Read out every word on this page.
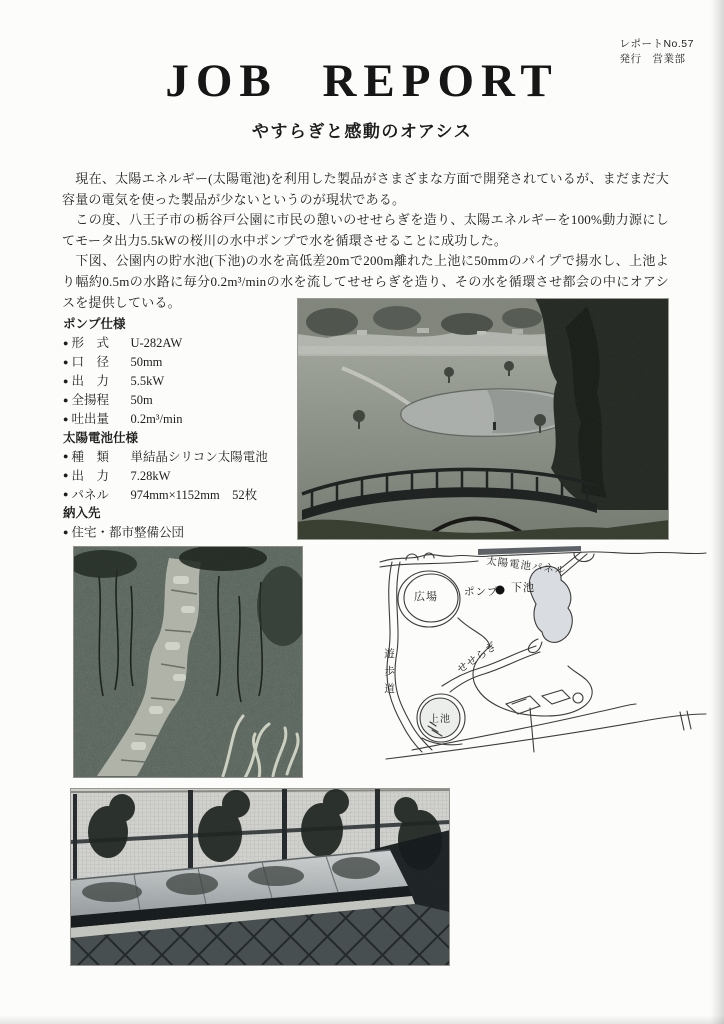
レポートNo.57
発行　営業部
JOB REPORT
やすらぎと感動のオアシス

　現在、太陽エネルギー(太陽電池)を利用した製品がさまざまな方面で開発されているが、まだまだ大容量の電気を使った製品が少ないというのが現状である。

　この度、八王子市の栃谷戸公園に市民の憩いのせせらぎを造り、太陽エネルギーを100%動力源にしてモータ出力5.5kWの桜川の水中ポンプで水を循環させることに成功した。

　下図、公園内の貯水池(下池)の水を高低差20mで200m離れた上池に50mmのパイプで揚水し、上池より幅約0.5mの水路に毎分0.2m³/minの水を流してせせらぎを造り、その水を循環させ都会の中にオアシスを提供している。

ポンプ仕様
● 形　式 U-282AW
● 口　径 50mm
● 出　力 5.5kW
● 全揚程 50m
● 吐出量 0.2m³/min
太陽電池仕様
● 種　類 単結晶シリコン太陽電池
● 出　力 7.28kW
● パネル 974mm×1152mm　52枚
納入先
● 住宅・都市整備公団
太陽電池パネル
広場 ポンプ 下池
せせらぎ
遊歩道
上池
